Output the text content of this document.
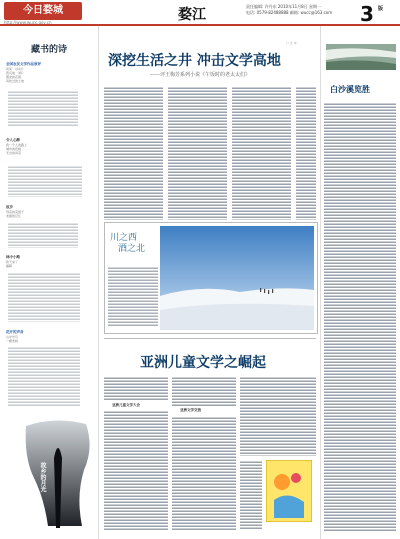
今日婺城
http://www.wucc.gov.cn	婺江
责任编辑: 许丹东 2010年11月8日 星期一
电话: 0579-82488888 邮箱: wucc@163.com	3 版
藏书的诗
全国农民文学作品展评
何某 《乡村》
西瓜地 《桥》
朋友的花园
风吹过的土地
令人心醉
我一个人的路上
城市的夜晚
无言的风景
故乡
母亲的菜园子
老屋的记忆
林中小路
秋天来了
霜降
花开的声音
山中岁月
一棵老树
故乡的月光
□ 文 本
深挖生活之井 冲击文学高地
——评王梅芳系列小说《午饭时的老太太们》
川之西
酒之北
亚洲儿童文学之崛起
亚洲儿童文学大会
亚洲文学交流
白沙溪览胜
